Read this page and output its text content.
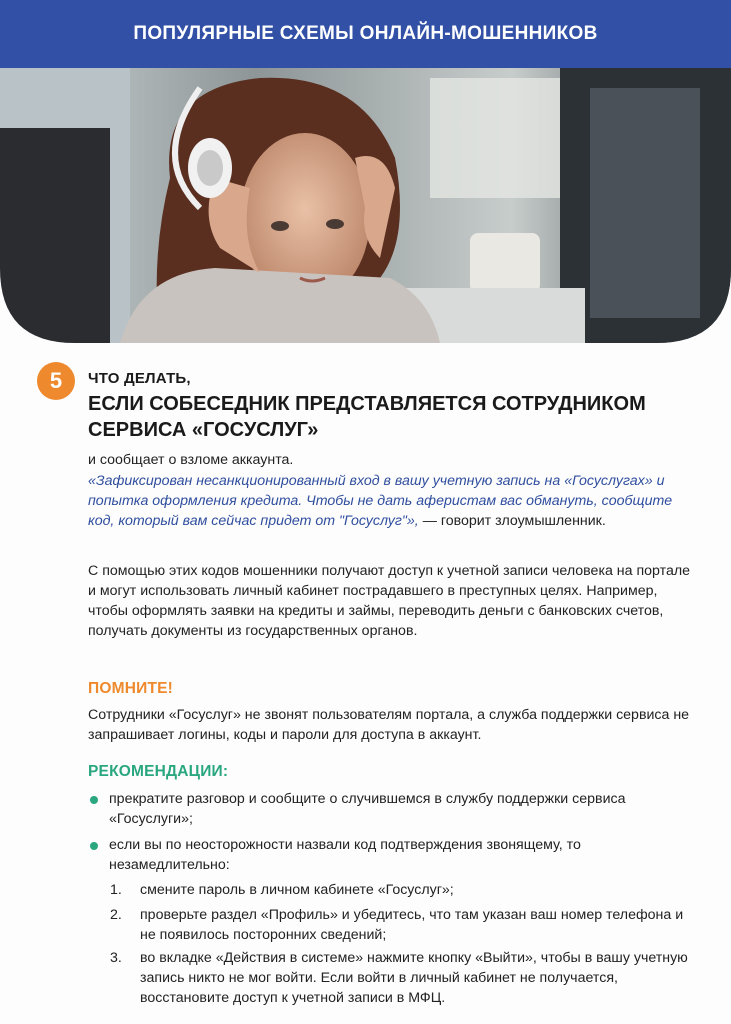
ПОПУЛЯРНЫЕ СХЕМЫ ОНЛАЙН-МОШЕННИКОВ
5	ЧТО ДЕЛАТЬ,
ЕСЛИ СОБЕСЕДНИК ПРЕДСТАВЛЯЕТСЯ СОТРУДНИКОМ СЕРВИСА «ГОСУСЛУГ»
и сообщает о взломе аккаунта.
«Зафиксирован несанкционированный вход в вашу учетную запись на «Госуслугах» и попытка оформления кредита. Чтобы не дать аферистам вас обмануть, сообщите код, который вам сейчас придет от "Госуслуг"», — говорит злоумышленник.
С помощью этих кодов мошенники получают доступ к учетной записи человека на портале и могут использовать личный кабинет пострадавшего в преступных целях. Например, чтобы оформлять заявки на кредиты и займы, переводить деньги с банковских счетов, получать документы из государственных органов.
ПОМНИТЕ!
Сотрудники «Госуслуг» не звонят пользователям портала, а служба поддержки сервиса не запрашивает логины, коды и пароли для доступа в аккаунт.
РЕКОМЕНДАЦИИ:
прекратите разговор и сообщите о случившемся в службу поддержки сервиса «Госуслуги»;
если вы по неосторожности назвали код подтверждения звонящему, то незамедлительно:
1. смените пароль в личном кабинете «Госуслуг»;
2. проверьте раздел «Профиль» и убедитесь, что там указан ваш номер телефона и не появилось посторонних сведений;
3. во вкладке «Действия в системе» нажмите кнопку «Выйти», чтобы в вашу учетную запись никто не мог войти. Если войти в личный кабинет не получается, восстановите доступ к учетной записи в МФЦ.
